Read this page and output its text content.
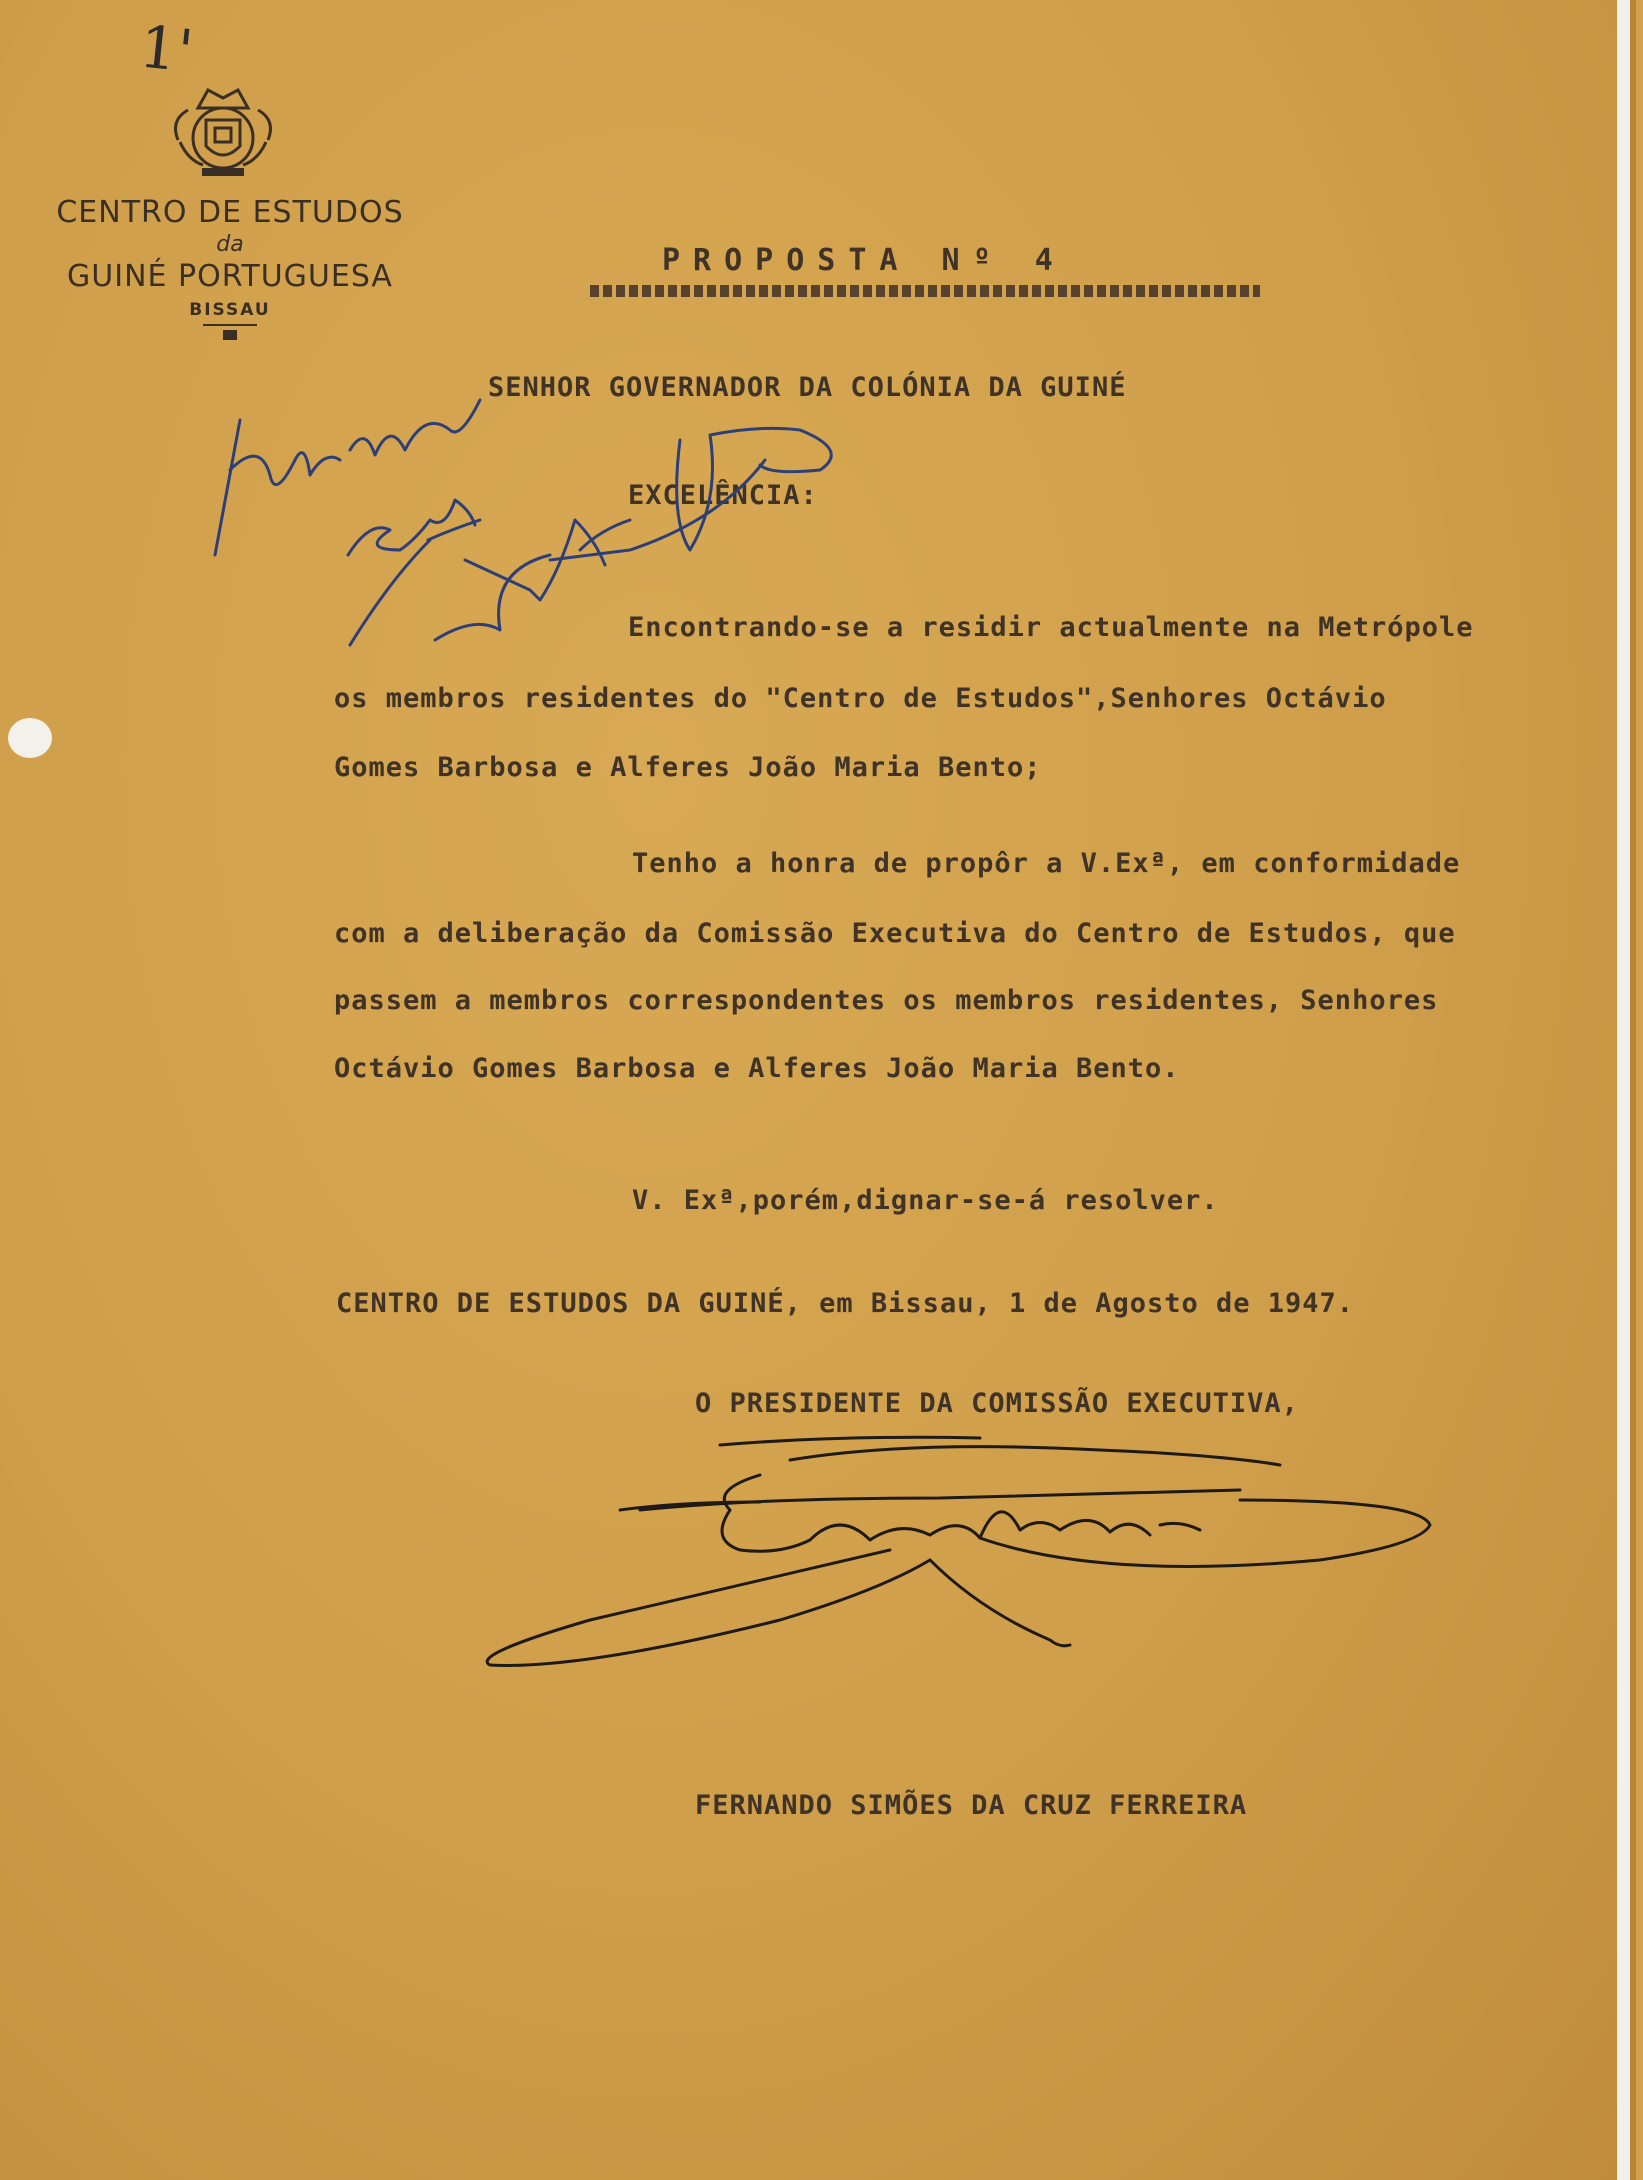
1'
CENTRO DE ESTUDOS
da
GUINÉ PORTUGUESA
BISSAU
PROPOSTA Nº 4
SENHOR GOVERNADOR DA COLÓNIA DA GUINÉ
EXCELÊNCIA:
Encontrando-se a residir actualmente na Metrópole
os membros residentes do "Centro de Estudos",Senhores Octávio
Gomes Barbosa e Alferes João Maria Bento;
Tenho a honra de propôr a V.Exª, em conformidade
com a deliberação da Comissão Executiva do Centro de Estudos, que
passem a membros correspondentes os membros residentes, Senhores
Octávio Gomes Barbosa e Alferes João Maria Bento.
V. Exª,porém,dignar-se-á resolver.
CENTRO DE ESTUDOS DA GUINÉ, em Bissau, 1 de Agosto de 1947.
O PRESIDENTE DA COMISSÃO EXECUTIVA,
FERNANDO SIMÕES DA CRUZ FERREIRA
